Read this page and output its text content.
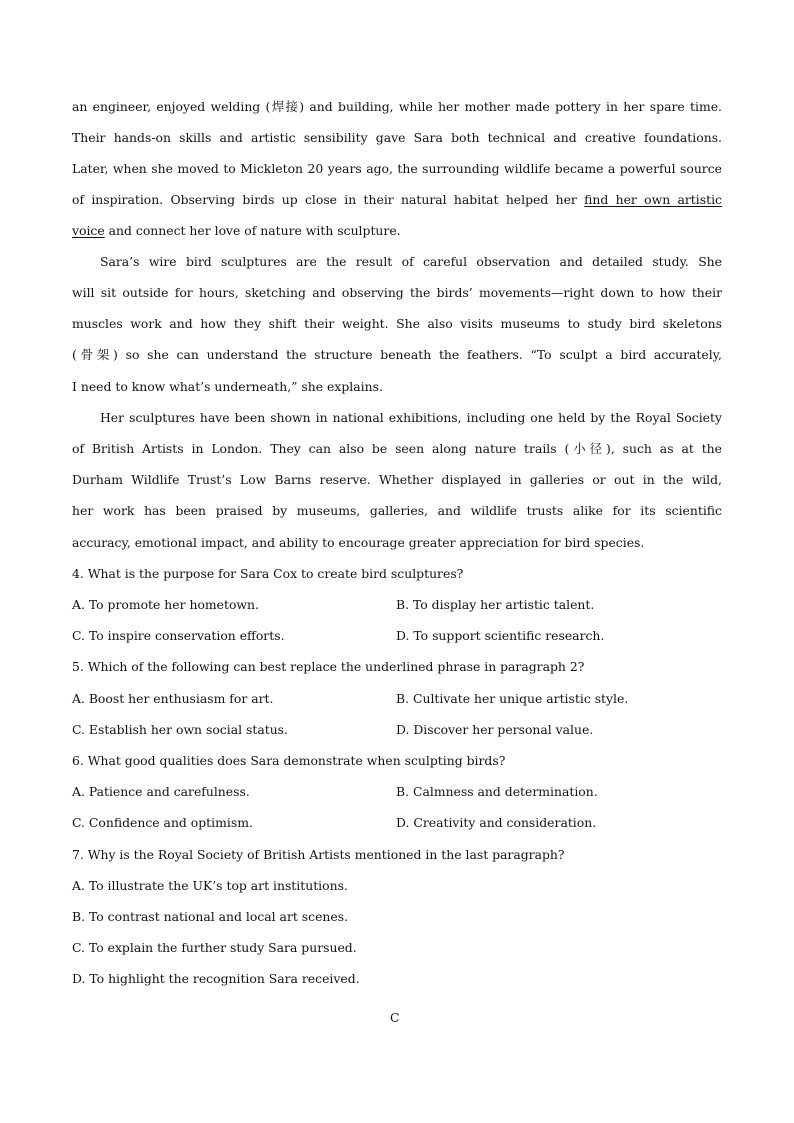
an engineer, enjoyed welding (焊接) and building, while her mother made pottery in her spare time.
Their hands-on skills and artistic sensibility gave Sara both technical and creative foundations.
Later, when she moved to Mickleton 20 years ago, the surrounding wildlife became a powerful source
of inspiration. Observing birds up close in their natural habitat helped her find her own artistic
voice and connect her love of nature with sculpture.
Sara’s wire bird sculptures are the result of careful observation and detailed study. She
will sit outside for hours, sketching and observing the birds’ movements—right down to how their
muscles work and how they shift their weight. She also visits museums to study bird skeletons
(骨架) so she can understand the structure beneath the feathers. “To sculpt a bird accurately,
I need to know what’s underneath,” she explains.
Her sculptures have been shown in national exhibitions, including one held by the Royal Society
of British Artists in London. They can also be seen along nature trails (小径), such as at the
Durham Wildlife Trust’s Low Barns reserve. Whether displayed in galleries or out in the wild,
her work has been praised by museums, galleries, and wildlife trusts alike for its scientific
accuracy, emotional impact, and ability to encourage greater appreciation for bird species.
4. What is the purpose for Sara Cox to create bird sculptures?
A. To promote her hometown.	B. To display her artistic talent.
C. To inspire conservation efforts.	D. To support scientific research.
5. Which of the following can best replace the underlined phrase in paragraph 2?
A. Boost her enthusiasm for art.	B. Cultivate her unique artistic style.
C. Establish her own social status.	D. Discover her personal value.
6. What good qualities does Sara demonstrate when sculpting birds?
A. Patience and carefulness.	B. Calmness and determination.
C. Confidence and optimism.	D. Creativity and consideration.
7. Why is the Royal Society of British Artists mentioned in the last paragraph?
A. To illustrate the UK’s top art institutions.
B. To contrast national and local art scenes.
C. To explain the further study Sara pursued.
D. To highlight the recognition Sara received.
C
